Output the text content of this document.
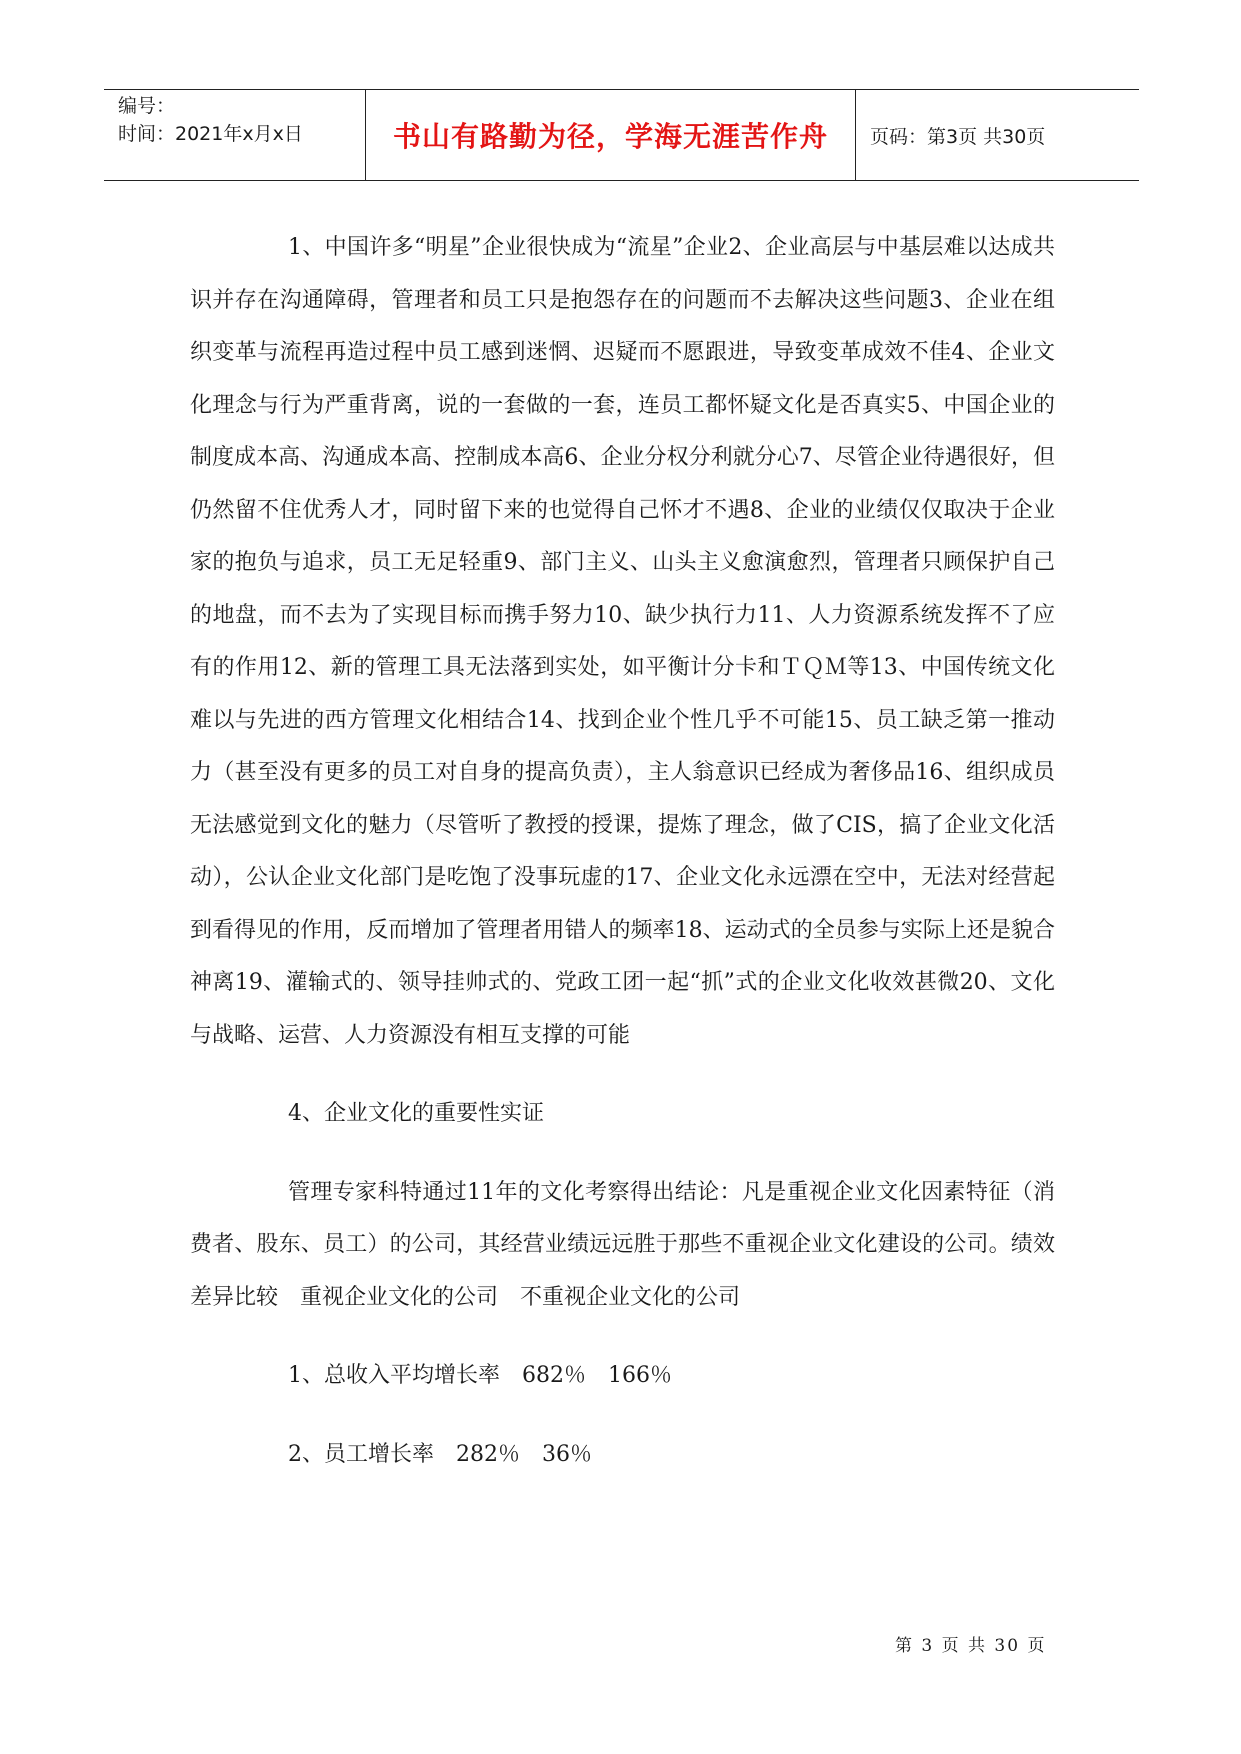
编号：
时间：2021年x月x日	书山有路勤为径，学海无涯苦作舟	页码：第3页 共30页

1、中国许多“明星”企业很快成为“流星”企业2、企业高层与中基层难以达成共识并存在沟通障碍，管理者和员工只是抱怨存在的问题而不去解决这些问题3、企业在组织变革与流程再造过程中员工感到迷惘、迟疑而不愿跟进，导致变革成效不佳4、企业文化理念与行为严重背离，说的一套做的一套，连员工都怀疑文化是否真实5、中国企业的制度成本高、沟通成本高、控制成本高6、企业分权分利就分心7、尽管企业待遇很好，但仍然留不住优秀人才，同时留下来的也觉得自己怀才不遇8、企业的业绩仅仅取决于企业家的抱负与追求，员工无足轻重9、部门主义、山头主义愈演愈烈，管理者只顾保护自己的地盘，而不去为了实现目标而携手努力10、缺少执行力11、人力资源系统发挥不了应有的作用12、新的管理工具无法落到实处，如平衡计分卡和ＴＱＭ等13、中国传统文化难以与先进的西方管理文化相结合14、找到企业个性几乎不可能15、员工缺乏第一推动力（甚至没有更多的员工对自身的提高负责），主人翁意识已经成为奢侈品16、组织成员无法感觉到文化的魅力（尽管听了教授的授课，提炼了理念，做了CIS，搞了企业文化活动），公认企业文化部门是吃饱了没事玩虚的17、企业文化永远漂在空中，无法对经营起到看得见的作用，反而增加了管理者用错人的频率18、运动式的全员参与实际上还是貌合神离19、灌输式的、领导挂帅式的、党政工团一起“抓”式的企业文化收效甚微20、文化与战略、运营、人力资源没有相互支撑的可能

4、企业文化的重要性实证

管理专家科特通过11年的文化考察得出结论：凡是重视企业文化因素特征（消费者、股东、员工）的公司，其经营业绩远远胜于那些不重视企业文化建设的公司。绩效差异比较　重视企业文化的公司　不重视企业文化的公司

1、总收入平均增长率　682％　166％

2、员工增长率　282％　36％

第 3 页 共 30 页
